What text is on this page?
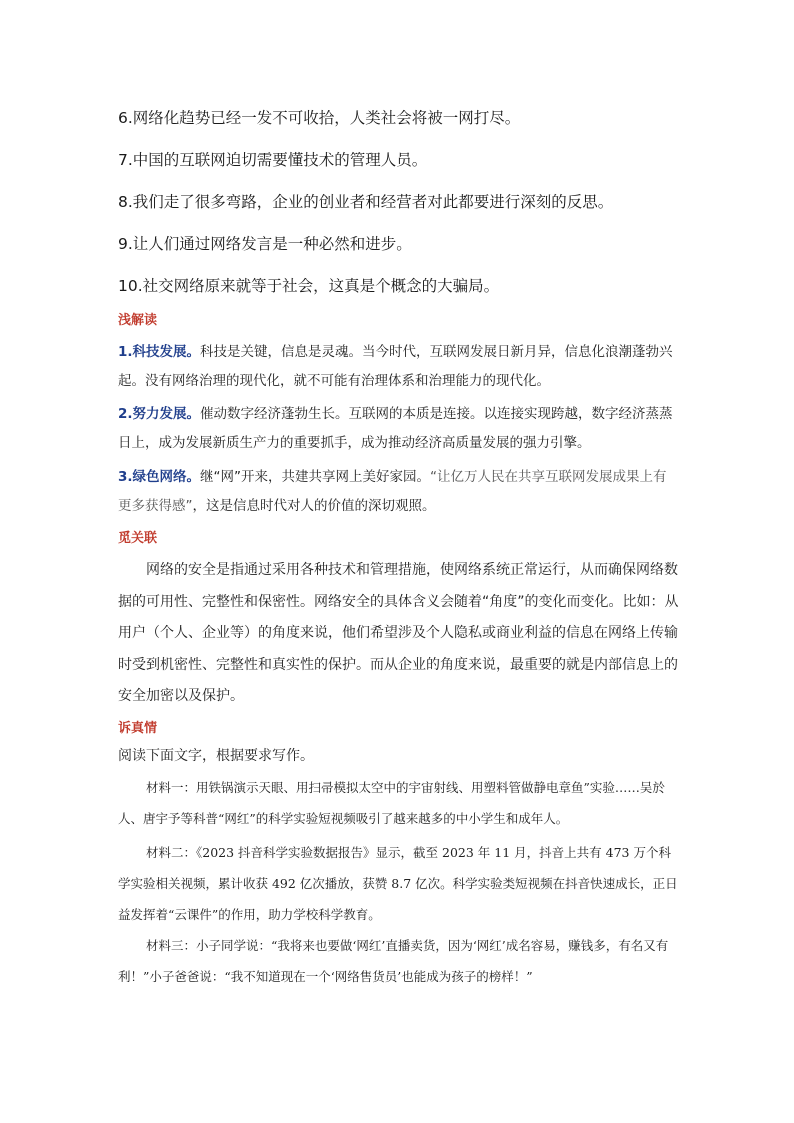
6.网络化趋势已经一发不可收拾，人类社会将被一网打尽。
7.中国的互联网迫切需要懂技术的管理人员。
8.我们走了很多弯路，企业的创业者和经营者对此都要进行深刻的反思。
9.让人们通过网络发言是一种必然和进步。
10.社交网络原来就等于社会，这真是个概念的大骗局。
浅解读
1.科技发展。科技是关键，信息是灵魂。当今时代，互联网发展日新月异，信息化浪潮蓬勃兴起。没有网络治理的现代化，就不可能有治理体系和治理能力的现代化。
2.努力发展。催动数字经济蓬勃生长。互联网的本质是连接。以连接实现跨越，数字经济蒸蒸日上，成为发展新质生产力的重要抓手，成为推动经济高质量发展的强力引擎。
3.绿色网络。继“网”开来，共建共享网上美好家园。“让亿万人民在共享互联网发展成果上有更多获得感”，这是信息时代对人的价值的深切观照。
觅关联
网络的安全是指通过采用各种技术和管理措施，使网络系统正常运行，从而确保网络数据的可用性、完整性和保密性。网络安全的具体含义会随着“角度”的变化而变化。比如：从用户（个人、企业等）的角度来说，他们希望涉及个人隐私或商业利益的信息在网络上传输时受到机密性、完整性和真实性的保护。而从企业的角度来说，最重要的就是内部信息上的安全加密以及保护。
诉真情
阅读下面文字，根据要求写作。
材料一：用铁锅演示天眼、用扫帚模拟太空中的宇宙射线、用塑料管做静电章鱼”实验……吴於人、唐宇予等科普“网红”的科学实验短视频吸引了越来越多的中小学生和成年人。
材料二：《2023 抖音科学实验数据报告》显示，截至 2023 年 11 月，抖音上共有 473 万个科学实验相关视频，累计收获 492 亿次播放，获赞 8.7 亿次。科学实验类短视频在抖音快速成长，正日益发挥着“云课件”的作用，助力学校科学教育。
材料三：小子同学说：“我将来也要做‘网红’直播卖货，因为‘网红’成名容易，赚钱多，有名又有利！”小子爸爸说：“我不知道现在一个‘网络售货员’也能成为孩子的榜样！”
